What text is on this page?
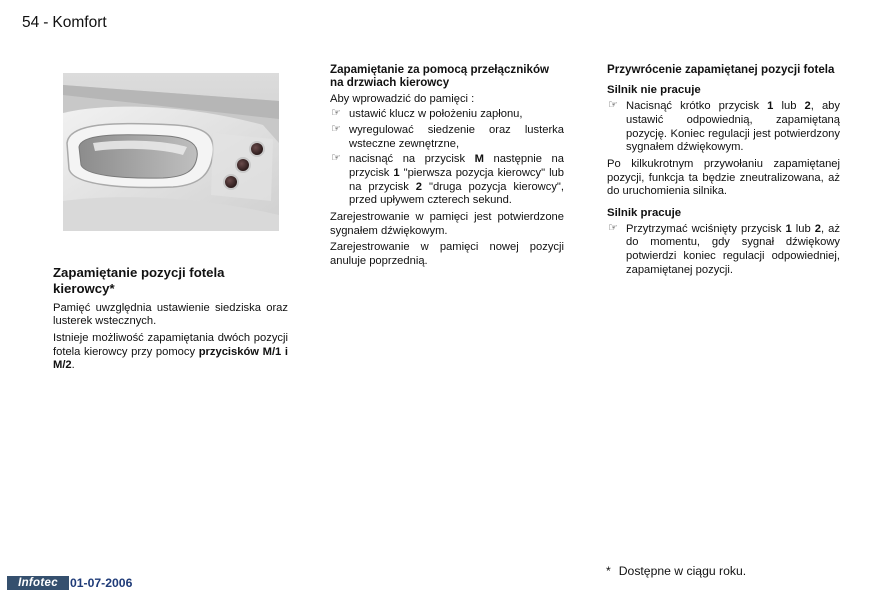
54 - Komfort
Zapamiętanie pozycji fotela kierowcy*

Pamięć uwzględnia ustawienie siedziska oraz lusterek wstecznych.

Istnieje możliwość zapamiętania dwóch pozycji fotela kierowcy przy pomocy przycisków M/1 i M/2.

Zapamiętanie za pomocą przełączników na drzwiach kierowcy

Aby wprowadzić do pamięci :

☞ ustawić klucz w położeniu zapłonu,
☞ wyregulować siedzenie oraz lusterka wsteczne zewnętrzne,
☞ nacisnąć na przycisk M następnie na przycisk 1 "pierwsza pozycja kierowcy" lub na przycisk 2 "druga pozycja kierowcy", przed upływem czterech sekund.

Zarejestrowanie w pamięci jest potwierdzone sygnałem dźwiękowym.

Zarejestrowanie w pamięci nowej pozycji anuluje poprzednią.

Przywrócenie zapamiętanej pozycji fotela
Silnik nie pracuje
☞ Nacisnąć krótko przycisk 1 lub 2, aby ustawić odpowiednią, zapamiętaną pozycję. Koniec regulacji jest potwierdzony sygnałem dźwiękowym.

Po kilkukrotnym przywołaniu zapamiętanej pozycji, funkcja ta będzie zneutralizowana, aż do uruchomienia silnika.

Silnik pracuje
☞ Przytrzymać wciśnięty przycisk 1 lub 2, aż do momentu, gdy sygnał dźwiękowy potwierdzi koniec regulacji odpowiedniej, zapamiętanej pozycji.
* Dostępne w ciągu roku.
Infotec 01-07-2006
